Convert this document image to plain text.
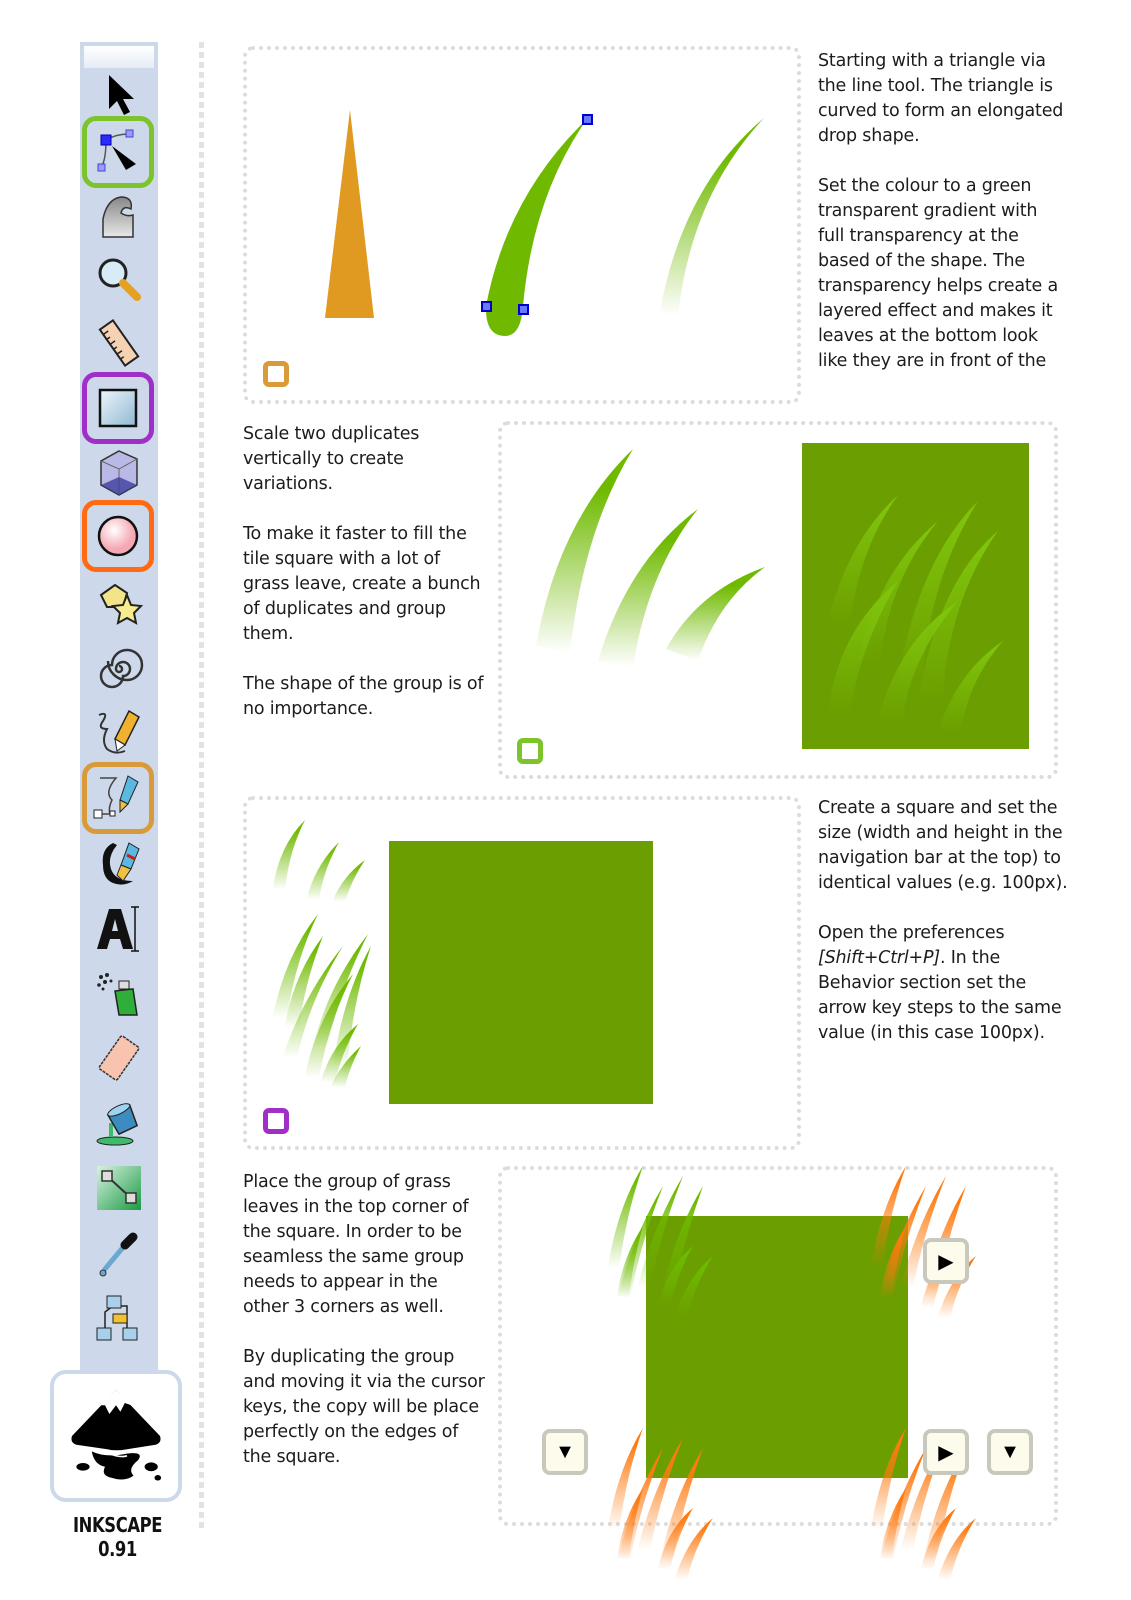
INKSCAPE 0.91

Starting with a triangle via the line tool. The triangle is curved to form an elongated drop shape.

Set the colour to a green transparent gradient with full transparency at the based of the shape. The transparency helps create a layered effect and makes it leaves at the bottom look like they are in front of the

Scale two duplicates vertically to create variations.

To make it faster to fill the tile square with a lot of grass leave, create a bunch of duplicates and group them.

The shape of the group is of no importance.

Create a square and set the size (width and height in the navigation bar at the top) to identical values (e.g. 100px).

Open the preferences
[Shift+Ctrl+P]. In the Behavior section set the arrow key steps to the same value (in this case 100px).

Place the group of grass leaves in the top corner of the square. In order to be seamless the same group needs to appear in the other 3 corners as well.

By duplicating the group and moving it via the cursor keys, the copy will be place perfectly on the edges of the square.

▶
▼	▶ ▼
